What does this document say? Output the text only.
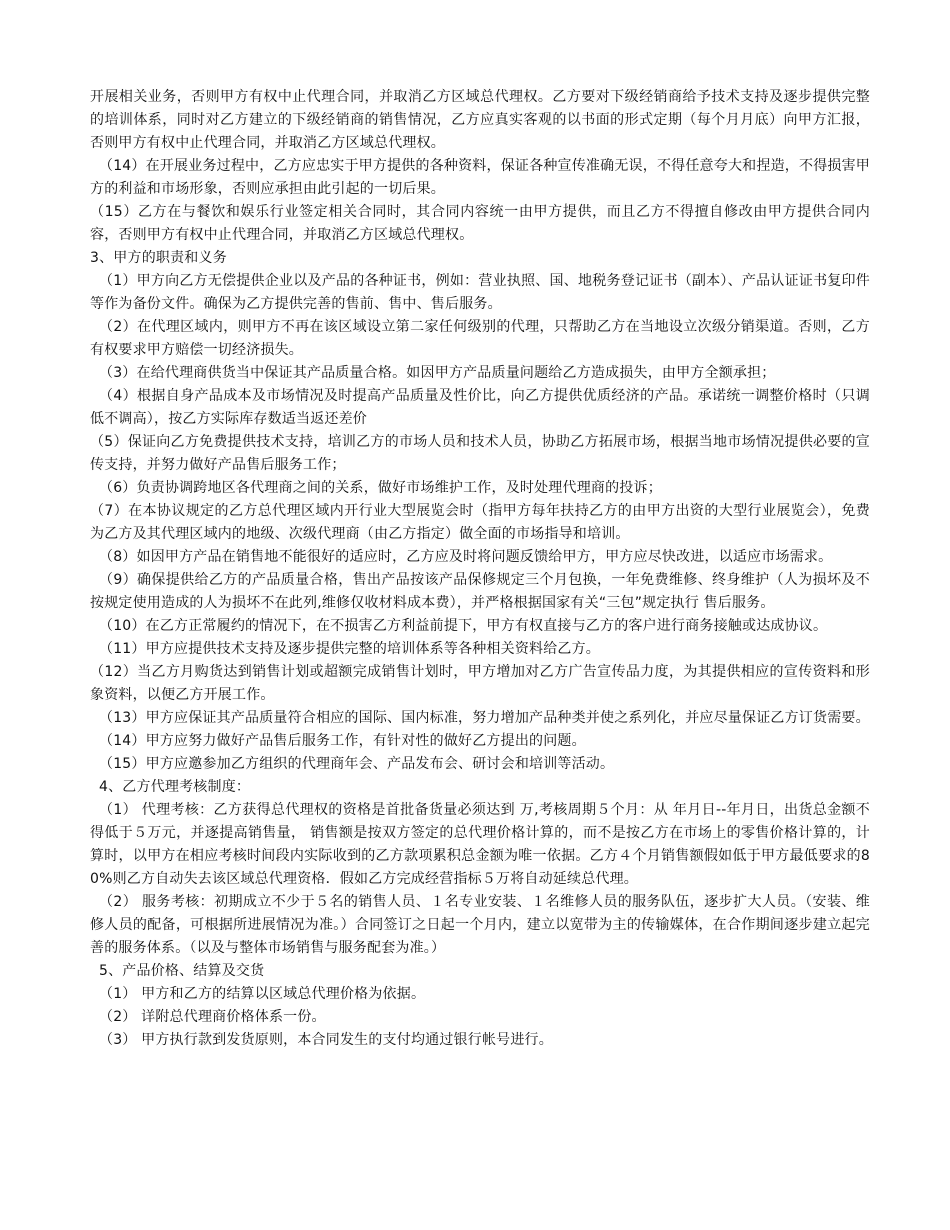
开展相关业务，否则甲方有权中止代理合同，并取消乙方区域总代理权。乙方要对下级经销商给予技术支持及逐步提供完整的培训体系，同时对乙方建立的下级经销商的销售情况，乙方应真实客观的以书面的形式定期（每个月月底）向甲方汇报，否则甲方有权中止代理合同，并取消乙方区域总代理权。

（14）在开展业务过程中，乙方应忠实于甲方提供的各种资料，保证各种宣传准确无误，不得任意夸大和捏造，不得损害甲方的利益和市场形象，否则应承担由此引起的一切后果。

（15）乙方在与餐饮和娱乐行业签定相关合同时，其合同内容统一由甲方提供，而且乙方不得擅自修改由甲方提供合同内容，否则甲方有权中止代理合同，并取消乙方区域总代理权。

3、甲方的职责和义务

（1）甲方向乙方无偿提供企业以及产品的各种证书，例如：营业执照、国、地税务登记证书（副本）、产品认证证书复印件等作为备份文件。确保为乙方提供完善的售前、售中、售后服务。

（2）在代理区域内，则甲方不再在该区域设立第二家任何级别的代理，只帮助乙方在当地设立次级分销渠道。否则，乙方有权要求甲方赔偿一切经济损失。

（3）在给代理商供货当中保证其产品质量合格。如因甲方产品质量问题给乙方造成损失，由甲方全额承担；

（4）根据自身产品成本及市场情况及时提高产品质量及性价比，向乙方提供优质经济的产品。承诺统一调整价格时（只调低不调高），按乙方实际库存数适当返还差价

（5）保证向乙方免费提供技术支持，培训乙方的市场人员和技术人员，协助乙方拓展市场，根据当地市场情况提供必要的宣传支持，并努力做好产品售后服务工作；

（6）负责协调跨地区各代理商之间的关系，做好市场维护工作，及时处理代理商的投诉；

（7）在本协议规定的乙方总代理区域内开行业大型展览会时（指甲方每年扶持乙方的由甲方出资的大型行业展览会），免费为乙方及其代理区域内的地级、次级代理商（由乙方指定）做全面的市场指导和培训。

（8）如因甲方产品在销售地不能很好的适应时，乙方应及时将问题反馈给甲方，甲方应尽快改进，以适应市场需求。

（9）确保提供给乙方的产品质量合格，售出产品按该产品保修规定三个月包换，一年免费维修、终身维护（人为损坏及不按规定使用造成的人为损坏不在此列,维修仅收材料成本费），并严格根据国家有关“三包”规定执行 售后服务。

（10）在乙方正常履约的情况下，在不损害乙方利益前提下，甲方有权直接与乙方的客户进行商务接触或达成协议。

（11）甲方应提供技术支持及逐步提供完整的培训体系等各种相关资料给乙方。

（12）当乙方月购货达到销售计划或超额完成销售计划时，甲方增加对乙方广告宣传品力度，为其提供相应的宣传资料和形象资料，以便乙方开展工作。

（13）甲方应保证其产品质量符合相应的国际、国内标准，努力增加产品种类并使之系列化，并应尽量保证乙方订货需要。

（14）甲方应努力做好产品售后服务工作，有针对性的做好乙方提出的问题。

（15）甲方应邀参加乙方组织的代理商年会、产品发布会、研讨会和培训等活动。

4、乙方代理考核制度：

（1） 代理考核：乙方获得总代理权的资格是首批备货量必须达到 万,考核周期５个月：从 年月日--年月日，出货总金额不得低于５万元，并逐提高销售量， 销售额是按双方签定的总代理价格计算的，而不是按乙方在市场上的零售价格计算的，计算时，以甲方在相应考核时间段内实际收到的乙方款项累积总金额为唯一依据。乙方４个月销售额假如低于甲方最低要求的80%则乙方自动失去该区域总代理资格．假如乙方完成经营指标５万将自动延续总代理。

（2） 服务考核：初期成立不少于５名的销售人员、１名专业安装、１名维修人员的服务队伍，逐步扩大人员。（安装、维修人员的配备，可根据所进展情况为准。）合同签订之日起一个月内，建立以宽带为主的传输媒体，在合作期间逐步建立起完善的服务体系。（以及与整体市场销售与服务配套为准。）

5、产品价格、结算及交货

（1） 甲方和乙方的结算以区域总代理价格为依据。

（2） 详附总代理商价格体系一份。

（3） 甲方执行款到发货原则，本合同发生的支付均通过银行帐号进行。
